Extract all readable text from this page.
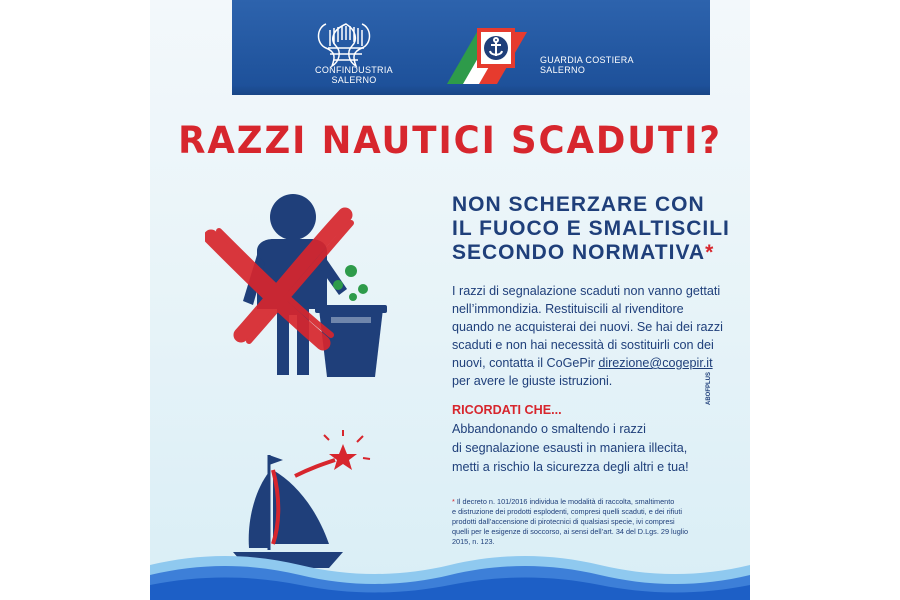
CONFINDUSTRIA
SALERNO
GUARDIA COSTIERA
SALERNO
RAZZI NAUTICI SCADUTI?
NON SCHERZARE CON
IL FUOCO E SMALTISCILI
SECONDO NORMATIVA*
I razzi di segnalazione scaduti non vanno gettati
nell’immondizia. Restituiscili al rivenditore
quando ne acquisterai dei nuovi. Se hai dei razzi
scaduti e non hai necessità di sostituirli con dei
nuovi, contatta il CoGePir direzione@cogepir.it
per avere le giuste istruzioni.
RICORDATI CHE...
Abbandonando o smaltendo i razzi
di segnalazione esausti in maniera illecita,
metti a rischio la sicurezza degli altri e tua!
* Il decreto n. 101/2016 individua le modalità di raccolta, smaltimento
e distruzione dei prodotti esplodenti, compresi quelli scaduti, e dei rifiuti
prodotti dall’accensione di pirotecnici di qualsiasi specie, ivi compresi
quelli per le esigenze di soccorso, ai sensi dell’art. 34 del D.Lgs. 29 luglio
2015, n. 123.
ABOFPLUS
